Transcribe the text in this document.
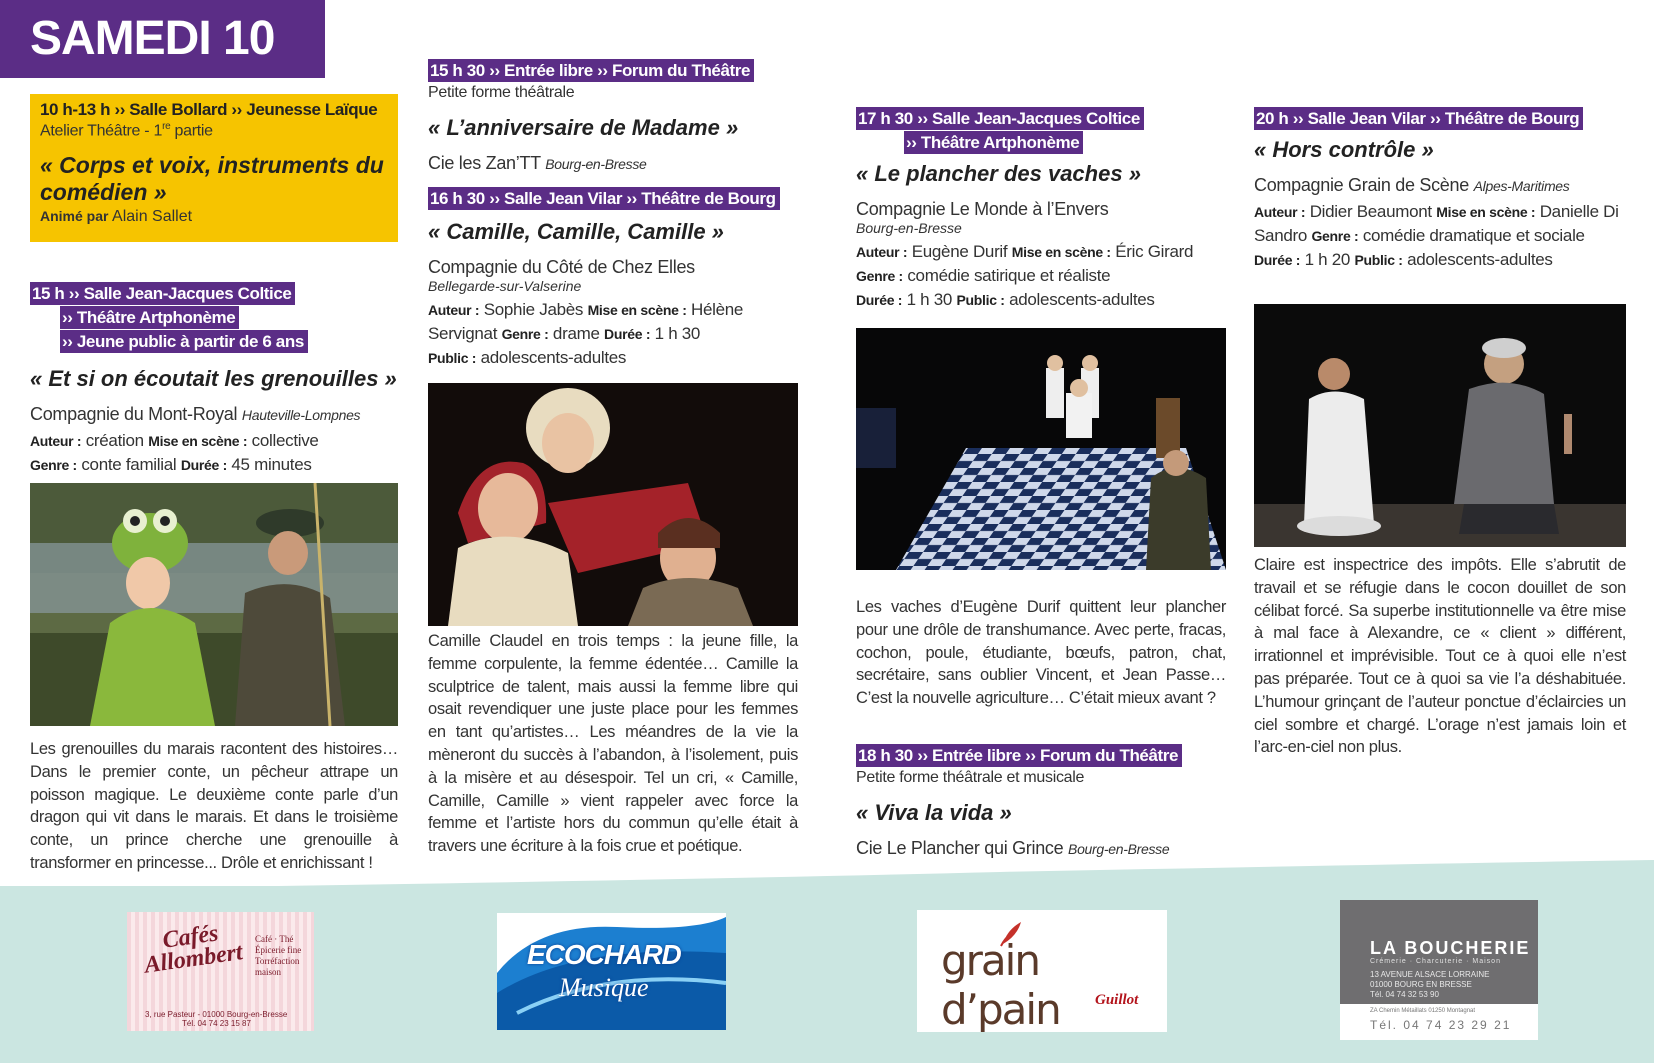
SAMEDI 10
10 h-13 h ›› Salle Bollard ›› Jeunesse Laïque
Atelier Théâtre - 1re partie
« Corps et voix, instruments du comédien »
Animé par Alain Sallet
15 h ›› Salle Jean-Jacques Coltice
›› Théâtre Artphonème
›› Jeune public à partir de 6 ans
« Et si on écoutait les grenouilles »
Compagnie du Mont-Royal Hauteville-Lompnes
Auteur : création Mise en scène : collective
Genre : conte familial Durée : 45 minutes
Les grenouilles du marais racontent des histoires… Dans le premier conte, un pêcheur attrape un poisson magique. Le deuxième conte parle d’un dragon qui vit dans le marais. Et dans le troisième conte, un prince cherche une grenouille à transformer en princesse... Drôle et enrichissant !
15 h 30 ›› Entrée libre ›› Forum du Théâtre
Petite forme théâtrale
« L’anniversaire de Madame »
Cie les Zan’TT Bourg-en-Bresse
16 h 30 ›› Salle Jean Vilar ›› Théâtre de Bourg
« Camille, Camille, Camille »
Compagnie du Côté de Chez Elles
Bellegarde-sur-Valserine
Auteur : Sophie Jabès Mise en scène : Hélène Servignat Genre : drame Durée : 1 h 30
Public : adolescents-adultes
Camille Claudel en trois temps : la jeune fille, la femme corpulente, la femme édentée… Camille la sculptrice de talent, mais aussi la femme libre qui osait revendiquer une juste place pour les femmes en tant qu’artistes… Les méandres de la vie la mèneront du succès à l’abandon, à l’isolement, puis à la misère et au désespoir. Tel un cri, « Camille, Camille, Camille » vient rappeler avec force la femme et l’artiste hors du commun qu’elle était à travers une écriture à la fois crue et poétique.
17 h 30 ›› Salle Jean-Jacques Coltice
›› Théâtre Artphonème
« Le plancher des vaches »
Compagnie Le Monde à l’Envers
Bourg-en-Bresse
Auteur : Eugène Durif Mise en scène : Éric Girard
Genre : comédie satirique et réaliste
Durée : 1 h 30 Public : adolescents-adultes
Les vaches d’Eugène Durif quittent leur plancher pour une drôle de transhumance. Avec perte, fracas, cochon, poule, étudiante, bœufs, patron, chat, secrétaire, sans oublier Vincent, et Jean Passe… C’est la nouvelle agriculture… C’était mieux avant ?
18 h 30 ›› Entrée libre ›› Forum du Théâtre
Petite forme théâtrale et musicale
« Viva la vida »
Cie Le Plancher qui Grince Bourg-en-Bresse
20 h ›› Salle Jean Vilar ›› Théâtre de Bourg
« Hors contrôle »
Compagnie Grain de Scène Alpes-Maritimes
Auteur : Didier Beaumont Mise en scène : Danielle Di Sandro Genre : comédie dramatique et sociale Durée : 1 h 20 Public : adolescents-adultes
Claire est inspectrice des impôts. Elle s’abrutit de travail et se réfugie dans le cocon douillet de son célibat forcé. Sa superbe institutionnelle va être mise à mal face à Alexandre, ce « client » différent, irrationnel et imprévisible. Tout ce à quoi elle n’est pas préparée. Tout ce à quoi sa vie l’a déshabituée. L’humour grinçant de l’auteur ponctue d’éclaircies un ciel sombre et chargé. L’orage n’est jamais loin et l’arc-en-ciel non plus.
Cafés Allombert
Café · Thé Épicerie fine Torréfaction maison
3, rue Pasteur - 01000 Bourg-en-Bresse
Tél. 04 74 23 15 87
ECOCHARD
Musique
grain d’pain	Guillot
LA BOUCHERIE
Crémerie · Charcuterie · Maison
13 AVENUE ALSACE LORRAINE
01000 BOURG EN BRESSE
Tél. 04 74 32 53 90
ZA Chemin Métaillats 01250 Montagnat
Tél. 04 74 23 29 21
